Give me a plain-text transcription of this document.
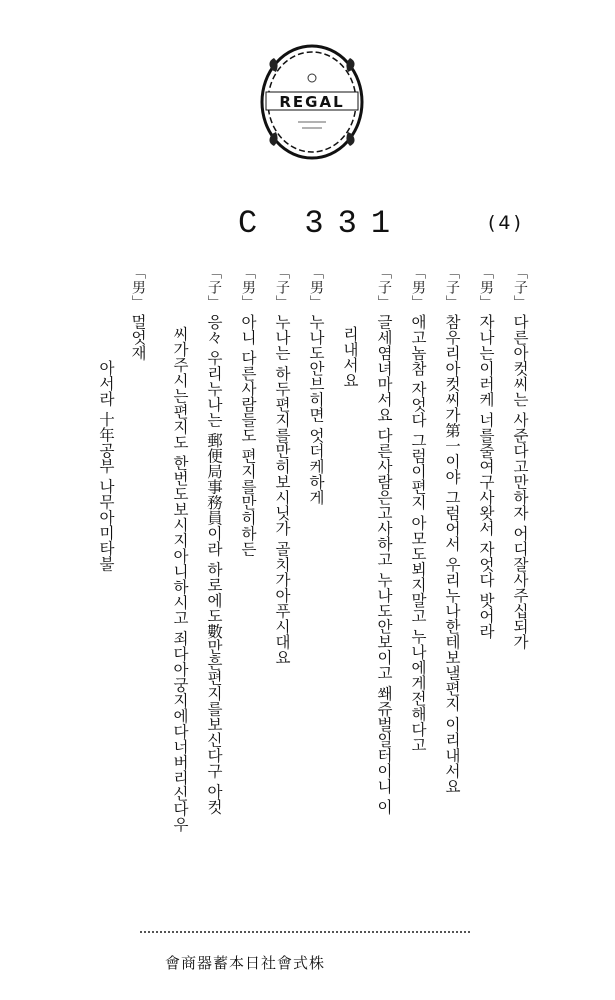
REGAL
C 331	(4)
「子」
다른아컷씨는 사준다고만하자 어디잘사주십되가
「男」
자나는이러케 너를줄여구사왓서 자엇다 밧어라
「子」
참우리아컷씨가第一이야 그럼어서 우리누나한테보낼편지 이리내서요
「男」
애고놈참 자엇다 그럼이편지 아모도뵈지말고 누나에게전해다고
「子」
글세염녀마서요 다른사람은고사하고 누나도안보이고 쐐쥬벌일터이니 이
리내서요
「男」
누나도안브히면 엇더케하게
「子」
누나는 하두편지를만히보시닛가 골치가아푸시대요
「男」
아니 다른사람들도 편지를만히하든
「子」
응々 우리누나는 郵便局事務員이라 하로에도數만흔편지를보신다구 아컷
씨가주시는편지도 한번도보시지아니하시고 죄다아궁지에다너버리신다우
「男」
멀엇재
아서라 十年공부 나무아미타불
會商器蓄本日社會式株
